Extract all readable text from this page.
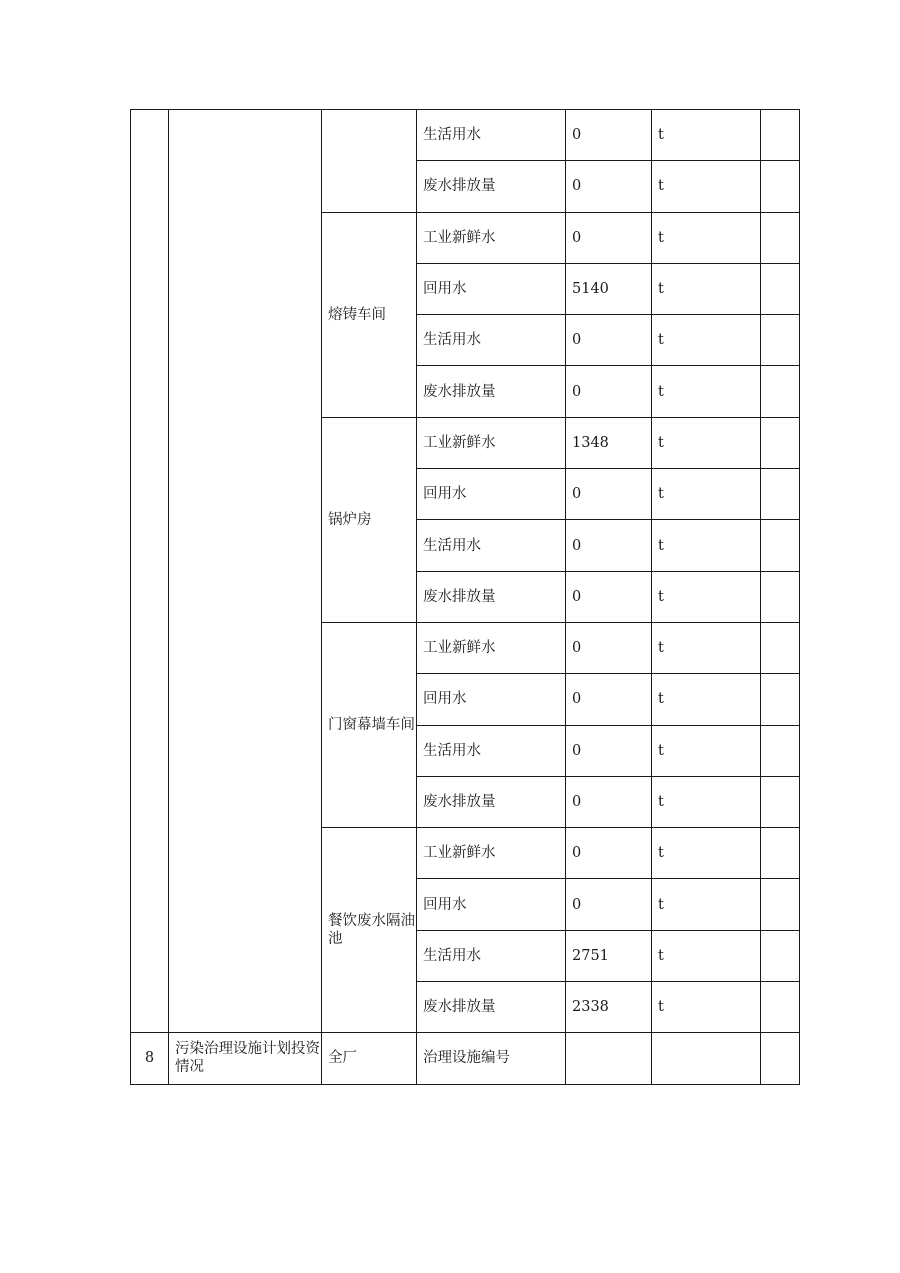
			生活用水	0	t	
			废水排放量	0	t	

		熔铸车间	工业新鲜水	0	t	
			回用水	5140	t	
			生活用水	0	t	
			废水排放量	0	t	

		锅炉房	工业新鲜水	1348	t	
			回用水	0	t	
			生活用水	0	t	
			废水排放量	0	t	

		门窗幕墙车间	工业新鲜水	0	t	
			回用水	0	t	
			生活用水	0	t	
			废水排放量	0	t	

		餐饮废水隔油池	工业新鲜水	0	t	
			回用水	0	t	
			生活用水	2751	t	
			废水排放量	2338	t	
8	污染治理设施计划投资情况	全厂	治理设施编号			
